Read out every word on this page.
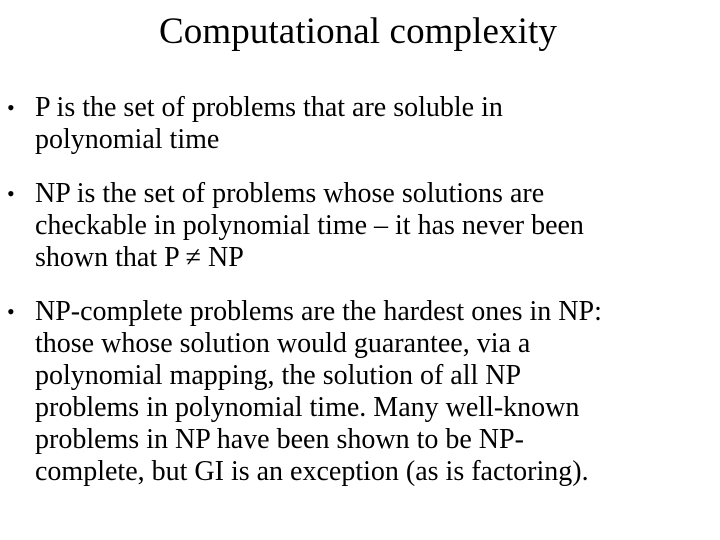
Computational complexity
• P is the set of problems that are soluble in
polynomial time
• NP is the set of problems whose solutions are
checkable in polynomial time – it has never been
shown that P ≠ NP
• NP-complete problems are the hardest ones in NP:
those whose solution would guarantee, via a
polynomial mapping, the solution of all NP
problems in polynomial time. Many well-known
problems in NP have been shown to be NP-
complete, but GI is an exception (as is factoring).
